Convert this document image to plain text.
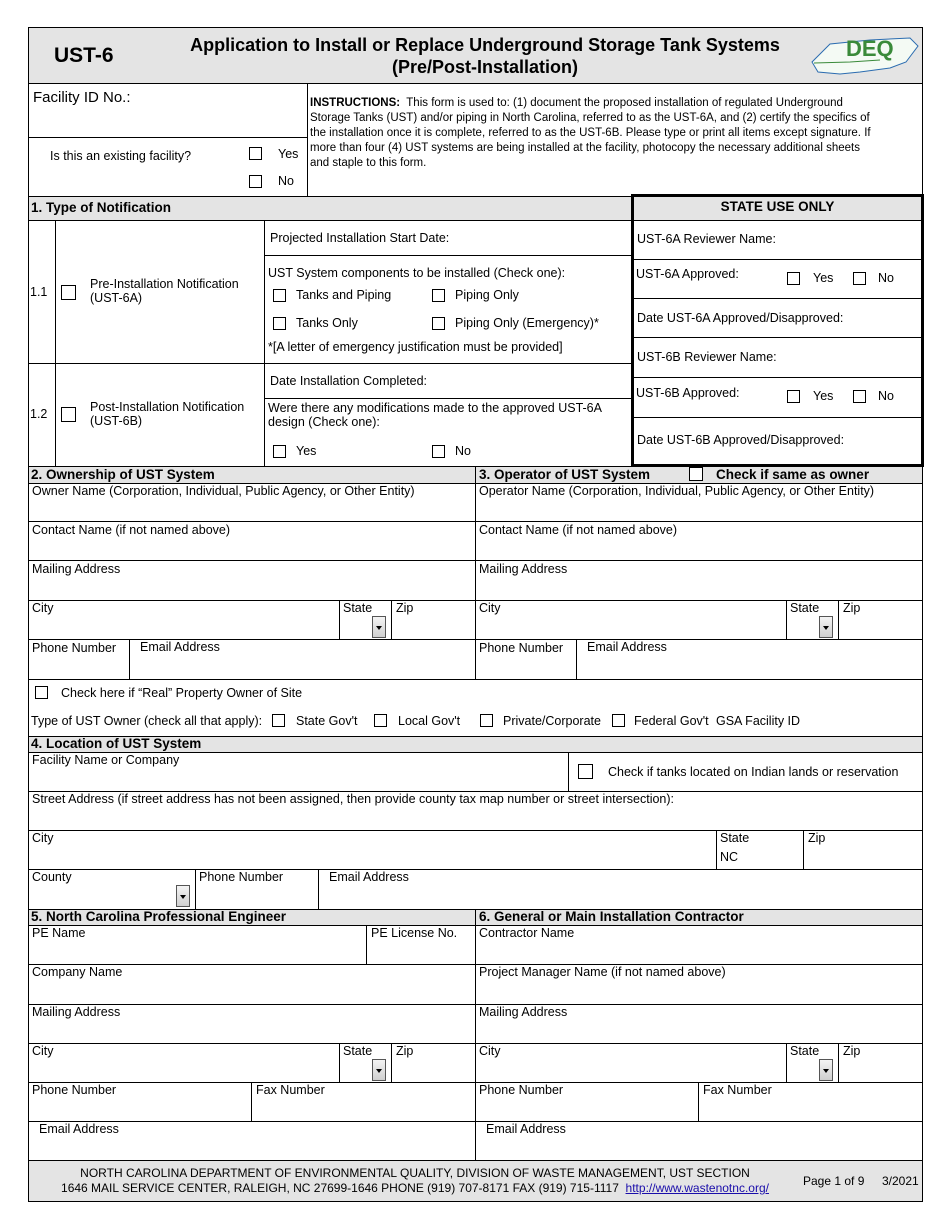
UST-6	Application to Install or Replace Underground Storage Tank Systems
(Pre/Post-Installation)
DEQ
Facility ID No.:
Is this an existing facility?	Yes
No
INSTRUCTIONS: This form is used to: (1) document the proposed installation of regulated Underground
Storage Tanks (UST) and/or piping in North Carolina, referred to as the UST-6A, and (2) certify the specifics of
the installation once it is complete, referred to as the UST-6B. Please type or print all items except signature. If
more than four (4) UST systems are being installed at the facility, photocopy the necessary additional sheets
and staple to this form.
1. Type of Notification
1.1
Pre-Installation Notification
(UST-6A)
Projected Installation Start Date:
UST System components to be installed (Check one):
Tanks and Piping	Piping Only
Tanks Only	Piping Only (Emergency)*
*[A letter of emergency justification must be provided]
1.2	Post-Installation Notification
(UST-6B)
Date Installation Completed:
Were there any modifications made to the approved UST-6A
design (Check one):
Yes	No
STATE USE ONLY
UST-6A Reviewer Name:
UST-6A Approved:	Yes	No
Date UST-6A Approved/Disapproved:
UST-6B Reviewer Name:
UST-6B Approved:	Yes	No
Date UST-6B Approved/Disapproved:
2. Ownership of UST System	3. Operator of UST System	Check if same as owner
Owner Name (Corporation, Individual, Public Agency, or Other Entity)
Contact Name (if not named above)
Mailing Address
City	State Zip
Phone Number Email Address
Operator Name (Corporation, Individual, Public Agency, or Other Entity)
Contact Name (if not named above)
Mailing Address
City	State Zip
Phone Number Email Address
Check here if “Real” Property Owner of Site
Type of UST Owner (check all that apply):	State Gov't	Local Gov't	Private/Corporate	Federal Gov't GSA Facility ID
4. Location of UST System
Facility Name or Company
Check if tanks located on Indian lands or reservation
Street Address (if street address has not been assigned, then provide county tax map number or street intersection):
City	State
NC
Zip
County	Phone Number	Email Address
5. North Carolina Professional Engineer	6. General or Main Installation Contractor
PE Name	PE License No.
Company Name
Mailing Address
City	State Zip
Phone Number	Fax Number
Email Address
Contractor Name
Project Manager Name (if not named above)
Mailing Address
City	State Zip
Phone Number	Fax Number
Email Address
NORTH CAROLINA DEPARTMENT OF ENVIRONMENTAL QUALITY, DIVISION OF WASTE MANAGEMENT, UST SECTION
1646 MAIL SERVICE CENTER, RALEIGH, NC 27699-1646 PHONE (919) 707-8171 FAX (919) 715-1117 http://www.wastenotnc.org/	Page 1 of 9 3/2021
